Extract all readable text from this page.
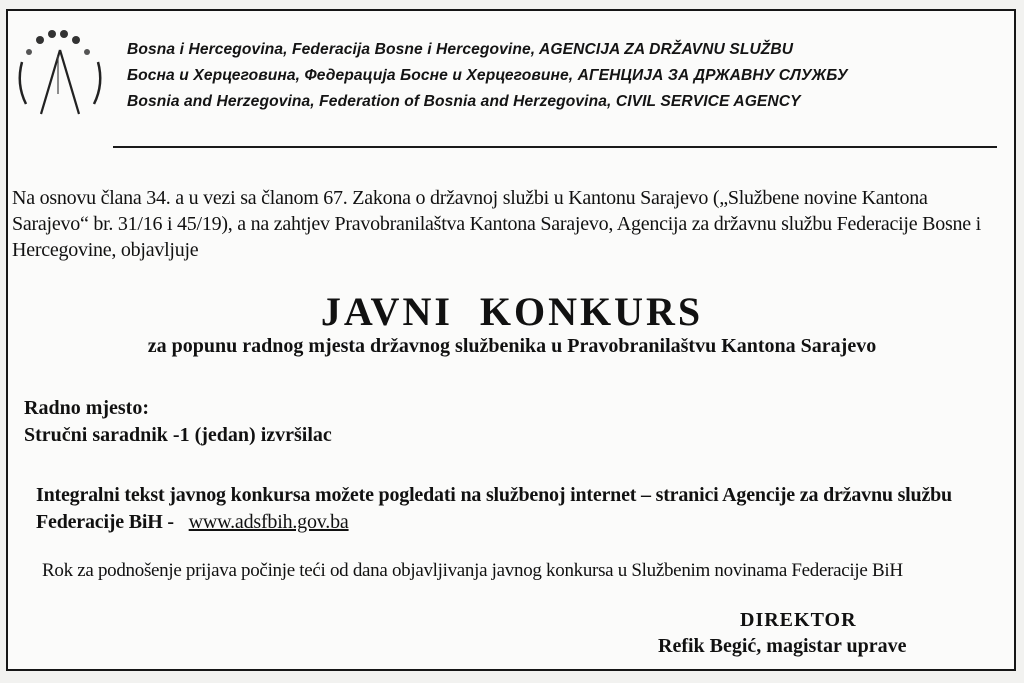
Bosna i Hercegovina, Federacija Bosne i Hercegovine, AGENCIJA ZA DRŽAVNU SLUŽBU
Босна и Херцеговина, Федерација Босне и Херцеговине, АГЕНЦИЈА ЗА ДРЖАВНУ СЛУЖБУ
Bosnia and Herzegovina, Federation of Bosnia and Herzegovina, CIVIL SERVICE AGENCY
Na osnovu člana 34. a u vezi sa članom 67. Zakona o državnoj službi u Kantonu Sarajevo („Službene novine Kantona Sarajevo“ br. 31/16 i 45/19), a na zahtjev Pravobranilaštva Kantona Sarajevo, Agencija za državnu službu Federacije Bosne i Hercegovine, objavljuje
JAVNI KONKURS
za popunu radnog mjesta državnog službenika u Pravobranilaštvu Kantona Sarajevo
Radno mjesto:
Stručni saradnik -1 (jedan) izvršilac
Integralni tekst javnog konkursa možete pogledati na službenoj internet – stranici Agencije za državnu službu Federacije BiH - www.adsfbih.gov.ba
Rok za podnošenje prijava počinje teći od dana objavljivanja javnog konkursa u Službenim novinama Federacije BiH
DIREKTOR
Refik Begić, magistar uprave
